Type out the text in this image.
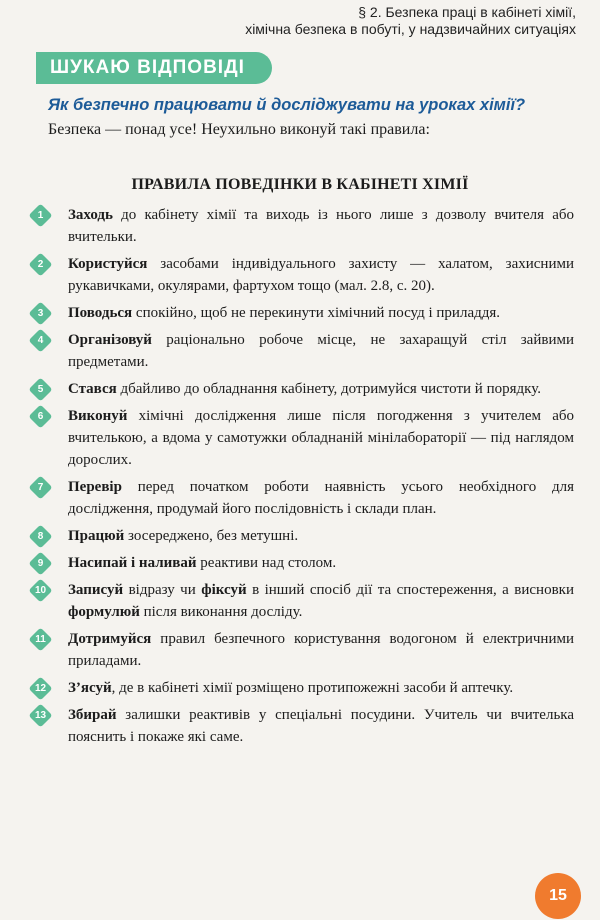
§ 2. Безпека праці в кабінеті хімії,
хімічна безпека в побуті, у надзвичайних ситуаціях
ШУКАЮ ВІДПОВІДІ
Як безпечно працювати й досліджувати на уроках хімії?
Безпека — понад усе! Неухильно виконуй такі правила:
ПРАВИЛА ПОВЕДІНКИ В КАБІНЕТІ ХІМІЇ
1	Заходь до кабінету хімії та виходь із нього лише з дозволу вчителя або вчительки.
2	Користуйся засобами індивідуального захисту — халатом, захисними рукавичками, окулярами, фартухом тощо (мал. 2.8, с. 20).
3	Поводься спокійно, щоб не перекинути хімічний посуд і приладдя.
4	Організовуй раціонально робоче місце, не захаращуй стіл зайвими предметами.
5	Стався дбайливо до обладнання кабінету, дотримуйся чистоти й порядку.
6	Виконуй хімічні дослідження лише після погодження з учителем або вчителькою, а вдома у самотужки обладнаній мінілабораторії — під наглядом дорослих.
7	Перевір перед початком роботи наявність усього необхідного для дослідження, продумай його послідовність і склади план.
8	Працюй зосереджено, без метушні.
9	Насипай і наливай реактиви над столом.
10 Записуй відразу чи фіксуй в інший спосіб дії та спостереження, а висновки формулюй після виконання досліду.
11 Дотримуйся правил безпечного користування водогоном й електричними приладами.
12 З’ясуй, де в кабінеті хімії розміщено протипожежні засоби й аптечку.
13 Збирай залишки реактивів у спеціальні посудини. Учитель чи вчителька пояснить і покаже які саме.
15
